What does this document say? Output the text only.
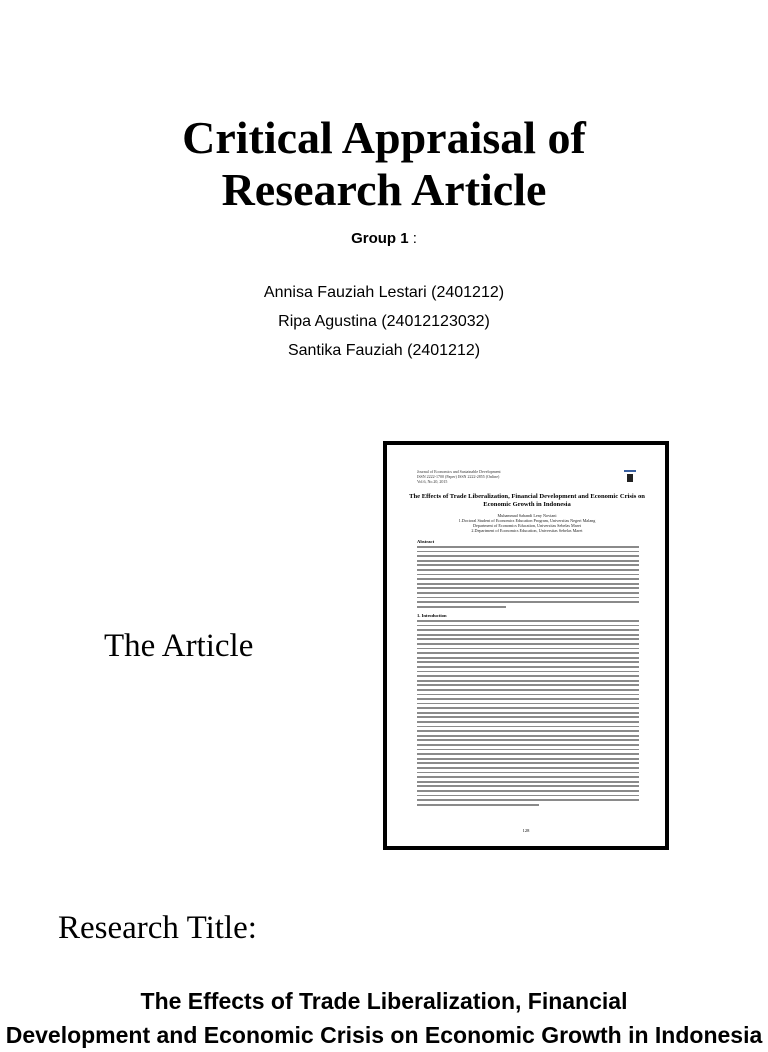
Critical Appraisal of
Research Article
Group 1 :
Annisa Fauziah Lestari (2401212)
Ripa Agustina (24012123032)
Santika Fauziah (2401212)
The Article
Journal of Economics and Sustainable Development
ISSN 2222-1700 (Paper) ISSN 2222-2855 (Online)
Vol.6, No.20, 2015
The Effects of Trade Liberalization, Financial Development and Economic Crisis on Economic Growth in Indonesia
Muhammad Sabandi Leny Noviani
1.Doctoral Student of Economics Education Program, Universitas Negeri Malang
Department of Economics Education, Universitas Sebelas Maret
2.Department of Economics Education, Universitas Sebelas Maret
Abstract
1. Introduction
128
Research Title:
The Effects of Trade Liberalization, Financial
Development and Economic Crisis on Economic Growth in Indonesia
